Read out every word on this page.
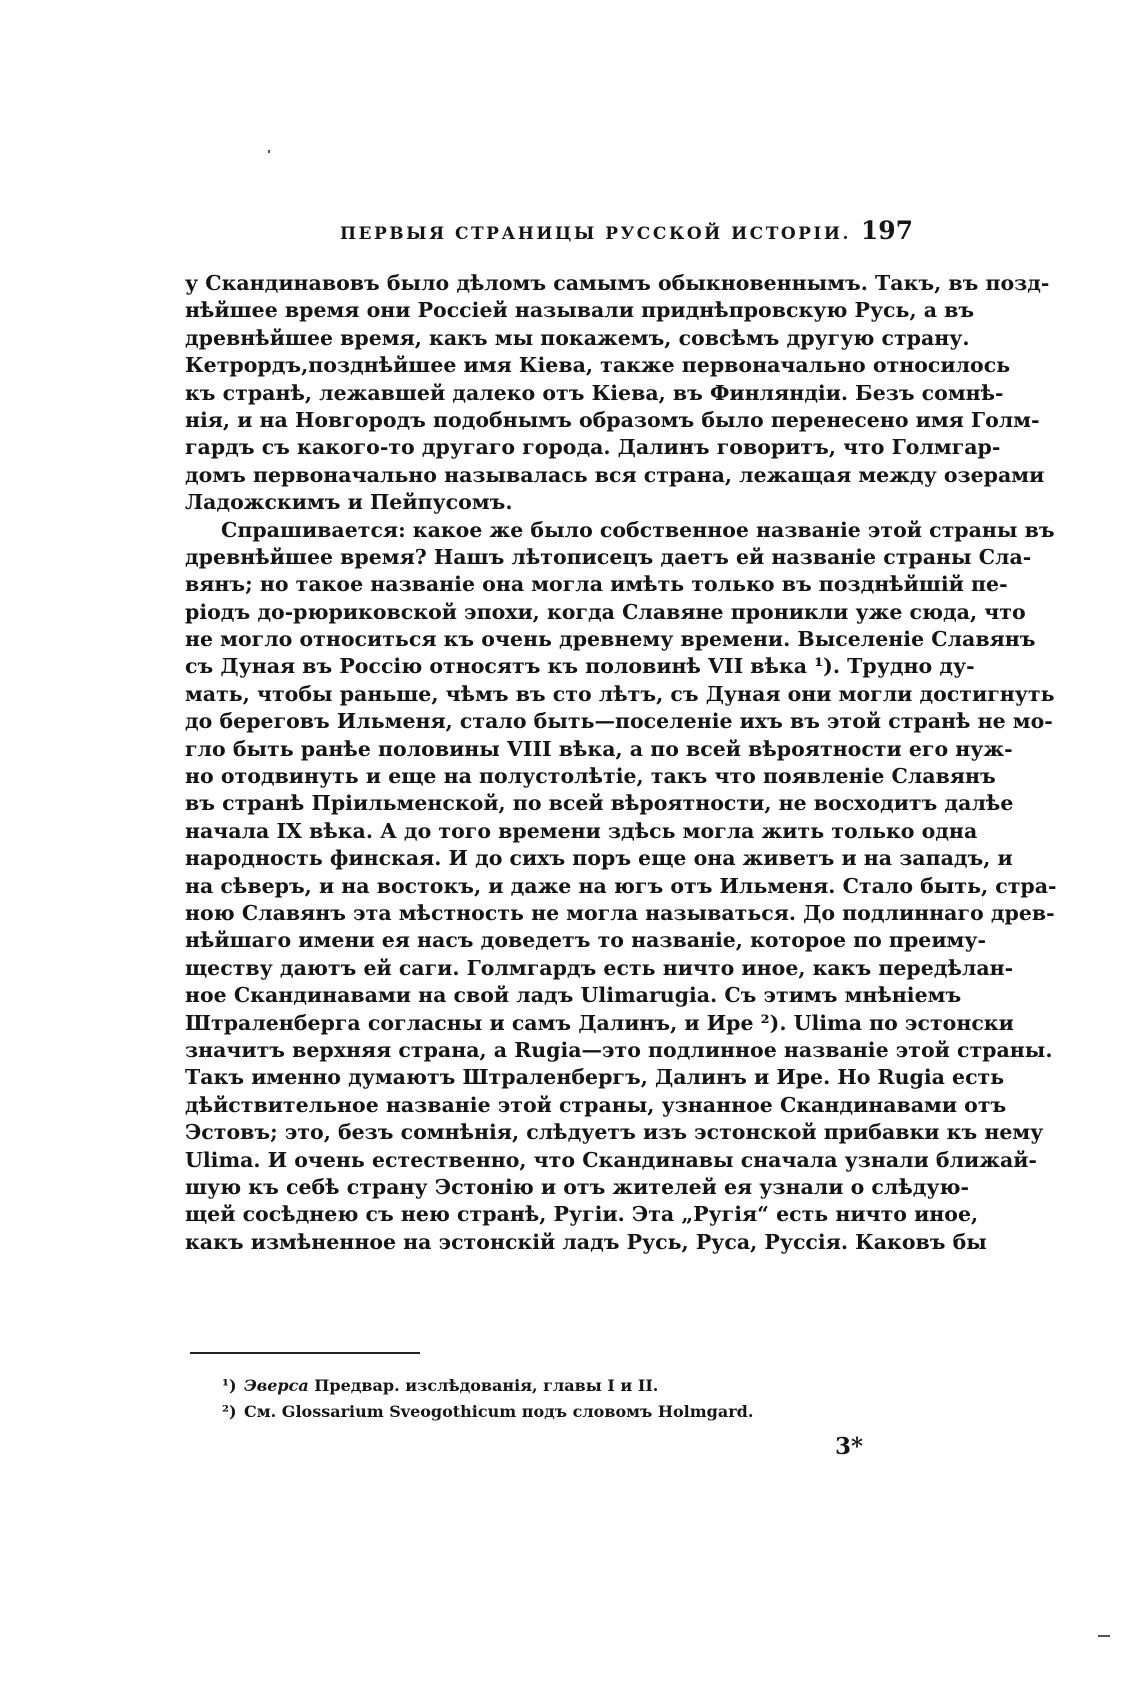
ПЕРВЫЯ СТРАНИЦЫ РУССКОЙ ИСТОРІИ. 197
у Скандинавовъ было дѣломъ самымъ обыкновеннымъ. Такъ, въ позд-
нѣйшее время они Россіей называли приднѣпровскую Русь, а въ
древнѣйшее время, какъ мы покажемъ, совсѣмъ другую страну.
Кетрордъ,позднѣйшее имя Кіева, также первоначально относилось
къ странѣ, лежавшей далеко отъ Кіева, въ Финляндіи. Безъ сомнѣ-
нія, и на Новгородъ подобнымъ образомъ было перенесено имя Голм-
гардъ съ какого-то другаго города. Далинъ говоритъ, что Голмгар-
домъ первоначально называлась вся страна, лежащая между озерами
Ладожскимъ и Пейпусомъ.
Спрашивается: какое же было собственное названіе этой страны въ
древнѣйшее время? Нашъ лѣтописецъ даетъ ей названіе страны Сла-
вянъ; но такое названіе она могла имѣть только въ позднѣйшій пе-
ріодъ до-рюриковской эпохи, когда Славяне проникли уже сюда, что
не могло относиться къ очень древнему времени. Выселеніе Славянъ
съ Дуная въ Россію относятъ къ половинѣ VII вѣка ¹). Трудно ду-
мать, чтобы раньше, чѣмъ въ сто лѣтъ, съ Дуная они могли достигнуть
до береговъ Ильменя, стало быть—поселеніе ихъ въ этой странѣ не мо-
гло быть ранѣе половины VIII вѣка, а по всей вѣроятности его нуж-
но отодвинуть и еще на полустолѣтіе, такъ что появленіе Славянъ
въ странѣ Пріильменской, по всей вѣроятности, не восходитъ далѣе
начала IX вѣка. А до того времени здѣсь могла жить только одна
народность финская. И до сихъ поръ еще она живетъ и на западъ, и
на сѣверъ, и на востокъ, и даже на югъ отъ Ильменя. Стало быть, стра-
ною Славянъ эта мѣстность не могла называться. До подлиннаго древ-
нѣйшаго имени ея насъ доведетъ то названіе, которое по преиму-
ществу даютъ ей саги. Голмгардъ есть ничто иное, какъ передѣлан-
ное Скандинавами на свой ладъ Ulimarugia. Съ этимъ мнѣніемъ
Штраленберга согласны и самъ Далинъ, и Ире ²). Ulima по эстонски
значитъ верхняя страна, а Rugia—это подлинное названіе этой страны.
Такъ именно думаютъ Штраленбергъ, Далинъ и Ире. Но Rugia есть
дѣйствительное названіе этой страны, узнанное Скандинавами отъ
Эстовъ; это, безъ сомнѣнія, слѣдуетъ изъ эстонской прибавки къ нему
Ulima. И очень естественно, что Скандинавы сначала узнали ближай-
шую къ себѣ страну Эстонію и отъ жителей ея узнали о слѣдую-
щей сосѣднею съ нею странѣ, Ругіи. Эта „Ругія“ есть ничто иное,
какъ измѣненное на эстонскій ладъ Русь, Руса, Руссія. Каковъ бы
¹) Эверса Предвар. изслѣдованія, главы I и II.
²) См. Glossarium Sveogothicum подъ словомъ Holmgard.
3*
